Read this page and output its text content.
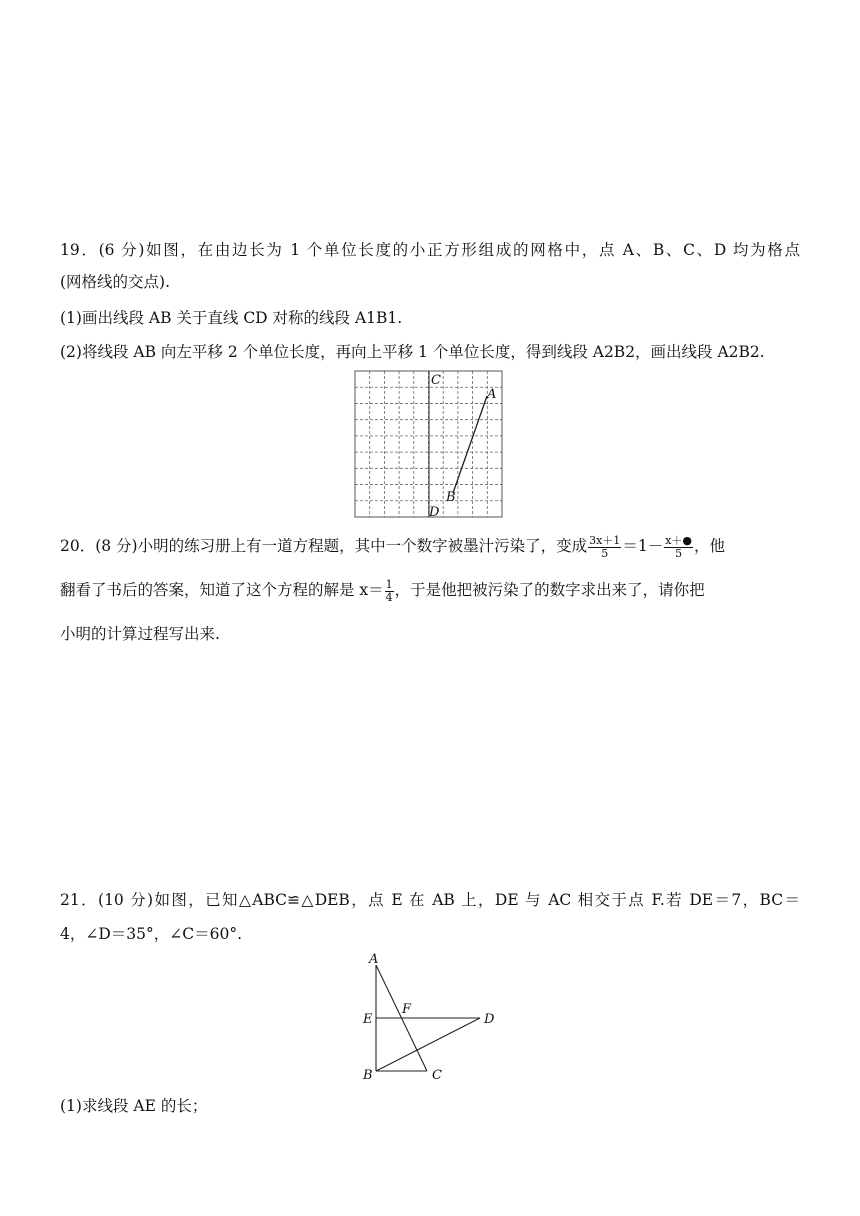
19．(6 分)如图，在由边长为 1 个单位长度的小正方形组成的网格中，点 A、B、C、D 均为格点
(网格线的交点).
(1)画出线段 AB 关于直线 CD 对称的线段 A1B1.
(2)将线段 AB 向左平移 2 个单位长度，再向上平移 1 个单位长度，得到线段 A2B2，画出线段 A2B2.
C
A
B
D
20．(8 分)小明的练习册上有一道方程题，其中一个数字被墨汁污染了，变成 $\frac{3x+1}{5} =1- \frac{x+●}{5}$ ，他
翻看了书后的答案，知道了这个方程的解是 $x= \frac{1}{4}$ ，于是他把被污染了的数字求出来了，请你把
小明的计算过程写出来.
21．(10 分)如图，已知△ABC≌△DEB，点 E 在 AB 上，DE 与 AC 相交于点 F.若 DE＝7，BC＝
4，∠D＝35°，∠C＝60°.
A
E
F
D
B	C
(1)求线段 AE 的长；
